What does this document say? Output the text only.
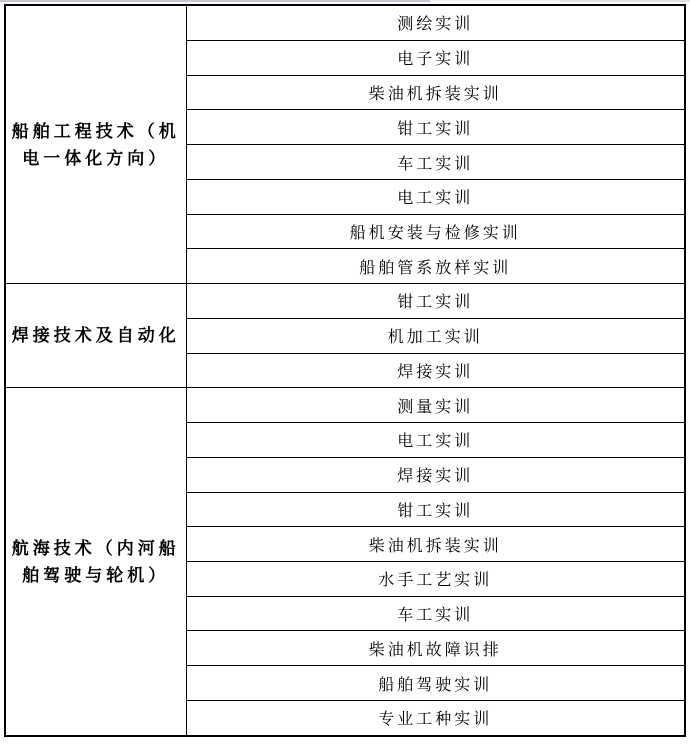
船舶工程技术（机电一体化方向）	测绘实训
	电子实训
	柴油机拆装实训
	钳工实训
	车工实训
	电工实训
	船机安装与检修实训
	船舶管系放样实训
焊接技术及自动化	钳工实训
	机加工实训
	焊接实训
航海技术（内河船舶驾驶与轮机）	测量实训
	电工实训
	焊接实训
	钳工实训
	柴油机拆装实训
	水手工艺实训
	车工实训
	柴油机故障识排
	船舶驾驶实训
	专业工种实训
